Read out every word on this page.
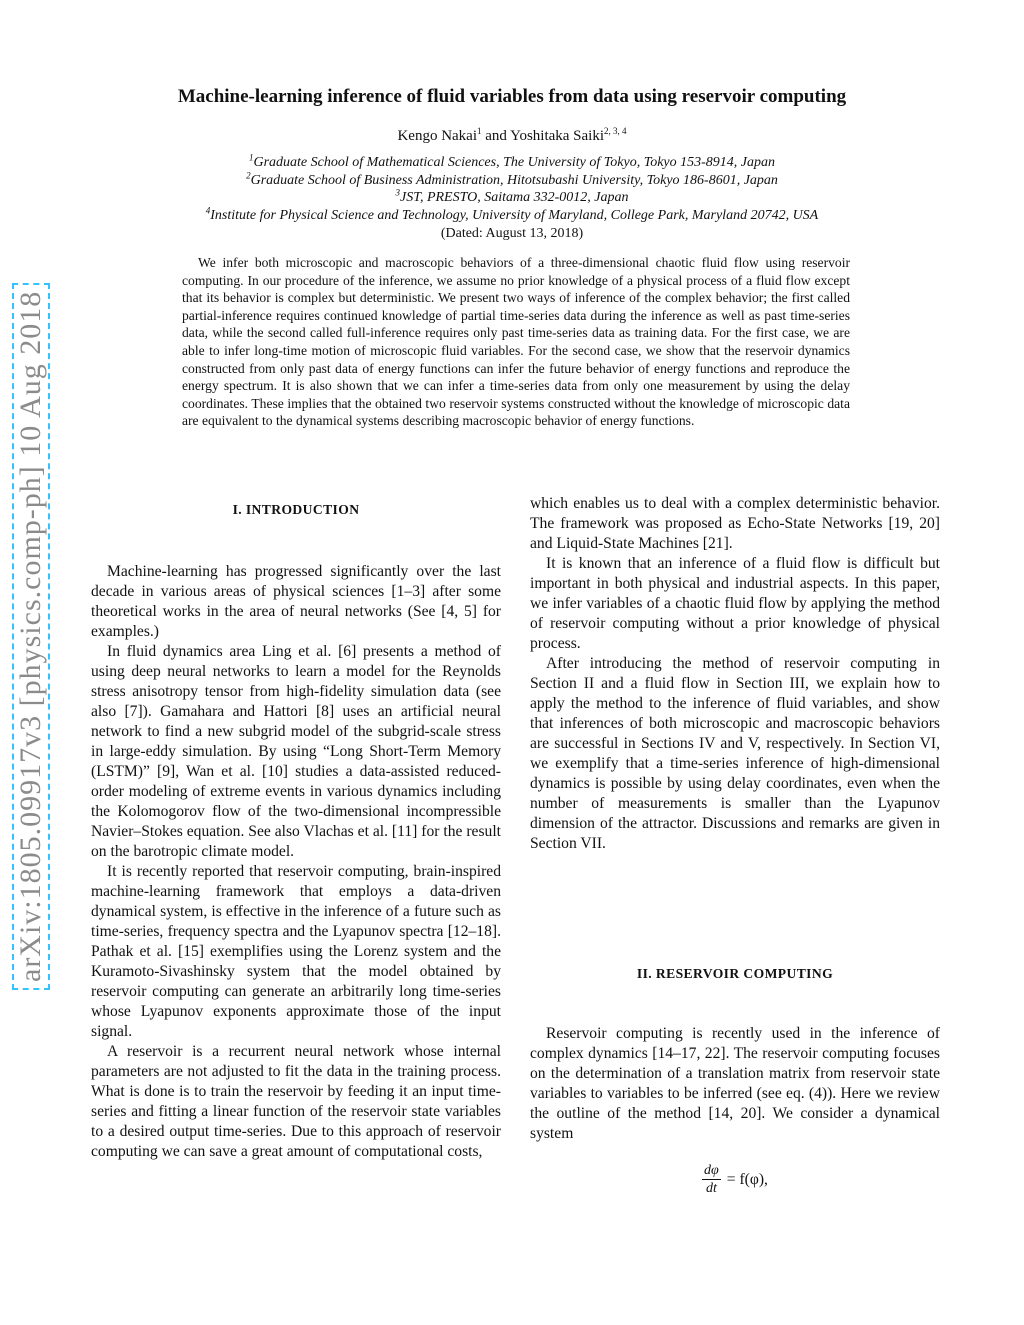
arXiv:1805.09917v3 [physics.comp-ph] 10 Aug 2018
Machine-learning inference of fluid variables from data using reservoir computing
Kengo Nakai$^1$ and Yoshitaka Saiki$^{2, 3, 4}$
$^1$Graduate School of Mathematical Sciences, The University of Tokyo, Tokyo 153-8914, Japan
$^2$Graduate School of Business Administration, Hitotsubashi University, Tokyo 186-8601, Japan
$^3$JST, PRESTO, Saitama 332-0012, Japan
$^4$Institute for Physical Science and Technology, University of Maryland, College Park, Maryland 20742, USA
(Dated: August 13, 2018)
We infer both microscopic and macroscopic behaviors of a three-dimensional chaotic fluid flow using reservoir computing. In our procedure of the inference, we assume no prior knowledge of a physical process of a fluid flow except that its behavior is complex but deterministic. We present two ways of inference of the complex behavior; the first called partial-inference requires continued knowledge of partial time-series data during the inference as well as past time-series data, while the second called full-inference requires only past time-series data as training data. For the first case, we are able to infer long-time motion of microscopic fluid variables. For the second case, we show that the reservoir dynamics constructed from only past data of energy functions can infer the future behavior of energy functions and reproduce the energy spectrum. It is also shown that we can infer a time-series data from only one measurement by using the delay coordinates. These implies that the obtained two reservoir systems constructed without the knowledge of microscopic data are equivalent to the dynamical systems describing macroscopic behavior of energy functions.
I. INTRODUCTION

Machine-learning has progressed significantly over the last decade in various areas of physical sciences [1–3] after some theoretical works in the area of neural networks (See [4, 5] for examples.)

In fluid dynamics area Ling et al. [6] presents a method of using deep neural networks to learn a model for the Reynolds stress anisotropy tensor from high-fidelity simulation data (see also [7]). Gamahara and Hattori [8] uses an artificial neural network to find a new subgrid model of the subgrid-scale stress in large-eddy simulation. By using “Long Short-Term Memory (LSTM)” [9], Wan et al. [10] studies a data-assisted reduced-order modeling of extreme events in various dynamics including the Kolomogorov flow of the two-dimensional incompressible Navier–Stokes equation. See also Vlachas et al. [11] for the result on the barotropic climate model.

It is recently reported that reservoir computing, brain-inspired machine-learning framework that employs a data-driven dynamical system, is effective in the inference of a future such as time-series, frequency spectra and the Lyapunov spectra [12–18]. Pathak et al. [15] exemplifies using the Lorenz system and the Kuramoto-Sivashinsky system that the model obtained by reservoir computing can generate an arbitrarily long time-series whose Lyapunov exponents approximate those of the input signal.

A reservoir is a recurrent neural network whose internal parameters are not adjusted to fit the data in the training process. What is done is to train the reservoir by feeding it an input time-series and fitting a linear function of the reservoir state variables to a desired output time-series. Due to this approach of reservoir computing we can save a great amount of computational costs,

which enables us to deal with a complex deterministic behavior. The framework was proposed as Echo-State Networks [19, 20] and Liquid-State Machines [21].

It is known that an inference of a fluid flow is difficult but important in both physical and industrial aspects. In this paper, we infer variables of a chaotic fluid flow by applying the method of reservoir computing without a prior knowledge of physical process.

After introducing the method of reservoir computing in Section II and a fluid flow in Section III, we explain how to apply the method to the inference of fluid variables, and show that inferences of both microscopic and macroscopic behaviors are successful in Sections IV and V, respectively. In Section VI, we exemplify that a time-series inference of high-dimensional dynamics is possible by using delay coordinates, even when the number of measurements is smaller than the Lyapunov dimension of the attractor. Discussions and remarks are given in Section VII.

II. RESERVOIR COMPUTING

Reservoir computing is recently used in the inference of complex dynamics [14–17, 22]. The reservoir computing focuses on the determination of a translation matrix from reservoir state variables to variables to be inferred (see eq. (4)). Here we review the outline of the method [14, 20]. We consider a dynamical system

$\frac{d\varphi}{dt} = f(\varphi)$,
